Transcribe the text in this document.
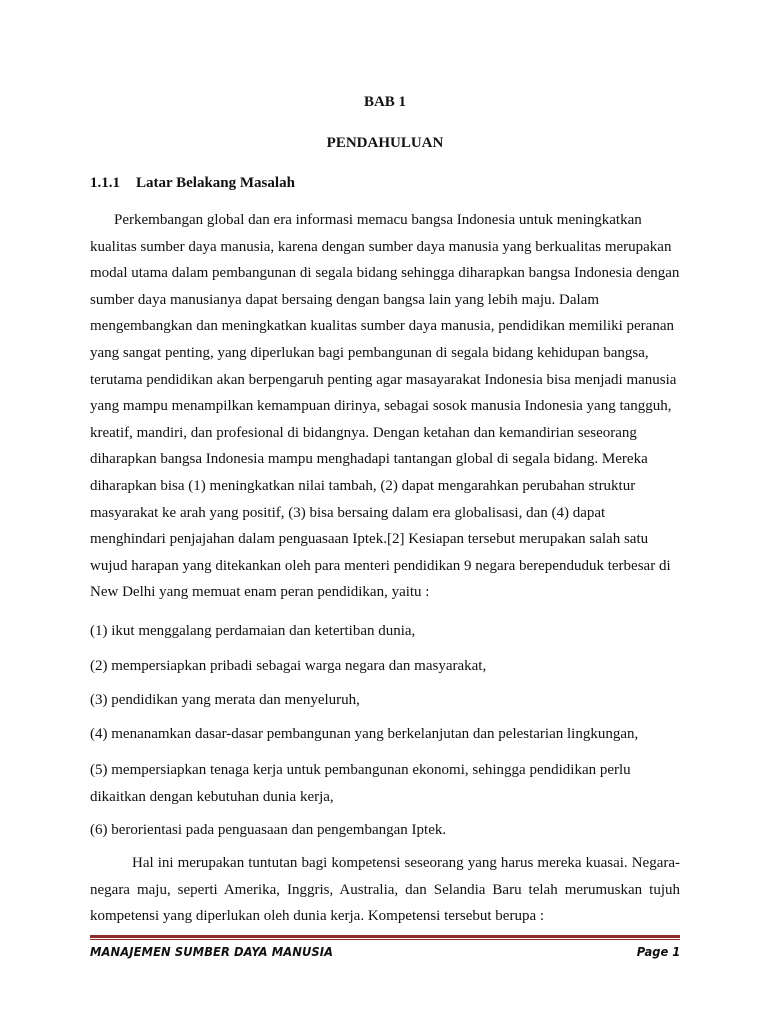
BAB 1
PENDAHULUAN
1.1.1 Latar Belakang Masalah

Perkembangan global dan era informasi memacu bangsa Indonesia untuk meningkatkan kualitas sumber daya manusia, karena dengan sumber daya manusia yang berkualitas merupakan modal utama dalam pembangunan di segala bidang sehingga diharapkan bangsa Indonesia dengan sumber daya manusianya dapat bersaing dengan bangsa lain yang lebih maju. Dalam mengembangkan dan meningkatkan kualitas sumber daya manusia, pendidikan memiliki peranan yang sangat penting, yang diperlukan bagi pembangunan di segala bidang kehidupan bangsa, terutama pendidikan akan berpengaruh penting agar masayarakat Indonesia bisa menjadi manusia yang mampu menampilkan kemampuan dirinya, sebagai sosok manusia Indonesia yang tangguh, kreatif, mandiri, dan profesional di bidangnya. Dengan ketahan dan kemandirian seseorang diharapkan bangsa Indonesia mampu menghadapi tantangan global di segala bidang. Mereka diharapkan bisa (1) meningkatkan nilai tambah, (2) dapat mengarahkan perubahan struktur masyarakat ke arah yang positif, (3) bisa bersaing dalam era globalisasi, dan (4) dapat menghindari penjajahan dalam penguasaan Iptek.[2] Kesiapan tersebut merupakan salah satu wujud harapan yang ditekankan oleh para menteri pendidikan 9 negara berependuduk terbesar di New Delhi yang memuat enam peran pendidikan, yaitu :

(1) ikut menggalang perdamaian dan ketertiban dunia,

(2) mempersiapkan pribadi sebagai warga negara dan masyarakat,

(3) pendidikan yang merata dan menyeluruh,

(4) menanamkan dasar-dasar pembangunan yang berkelanjutan dan pelestarian lingkungan,

(5) mempersiapkan tenaga kerja untuk pembangunan ekonomi, sehingga pendidikan perlu dikaitkan dengan kebutuhan dunia kerja,

(6) berorientasi pada penguasaan dan pengembangan Iptek.

Hal ini merupakan tuntutan bagi kompetensi seseorang yang harus mereka kuasai. Negara-negara maju, seperti Amerika, Inggris, Australia, dan Selandia Baru telah merumuskan tujuh kompetensi yang diperlukan oleh dunia kerja. Kompetensi tersebut berupa :

MANAJEMEN SUMBER DAYA MANUSIA	Page 1
